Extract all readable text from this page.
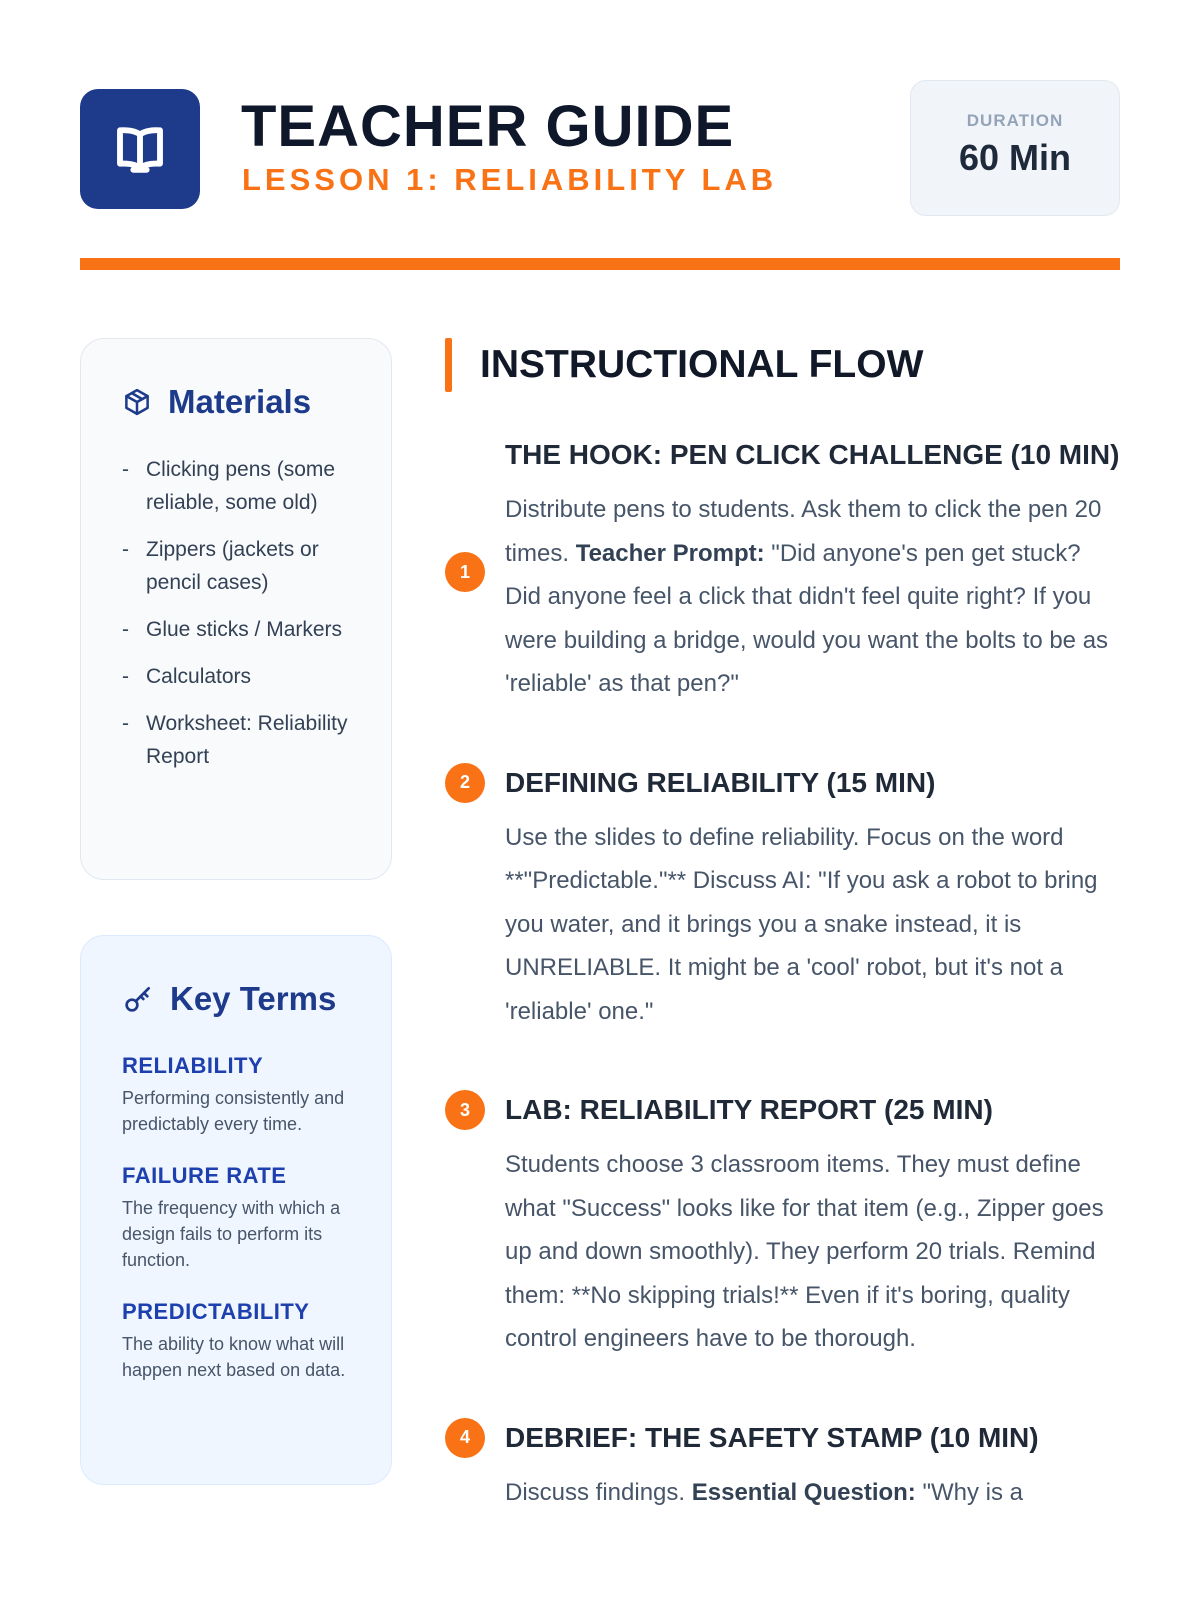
TEACHER GUIDE
LESSON 1: RELIABILITY LAB
DURATION
60 Min
Materials
- Clicking pens (some reliable, some old)
- Zippers (jackets or pencil cases)
- Glue sticks / Markers
- Calculators
- Worksheet: Reliability Report
Key Terms
RELIABILITY
Performing consistently and predictably every time.
FAILURE RATE
The frequency with which a design fails to perform its function.
PREDICTABILITY
The ability to know what will happen next based on data.
INSTRUCTIONAL FLOW
1
THE HOOK: PEN CLICK CHALLENGE (10 MIN)
Distribute pens to students. Ask them to click the pen 20 times. Teacher Prompt: "Did anyone's pen get stuck? Did anyone feel a click that didn't feel quite right? If you were building a bridge, would you want the bolts to be as 'reliable' as that pen?"
2	DEFINING RELIABILITY (15 MIN)
Use the slides to define reliability. Focus on the word **"Predictable."** Discuss AI: "If you ask a robot to bring you water, and it brings you a snake instead, it is UNRELIABLE. It might be a 'cool' robot, but it's not a 'reliable' one."
3	LAB: RELIABILITY REPORT (25 MIN)
Students choose 3 classroom items. They must define what "Success" looks like for that item (e.g., Zipper goes up and down smoothly). They perform 20 trials. Remind them: **No skipping trials!** Even if it's boring, quality control engineers have to be thorough.
4	DEBRIEF: THE SAFETY STAMP (10 MIN)
Discuss findings. Essential Question: "Why is a
